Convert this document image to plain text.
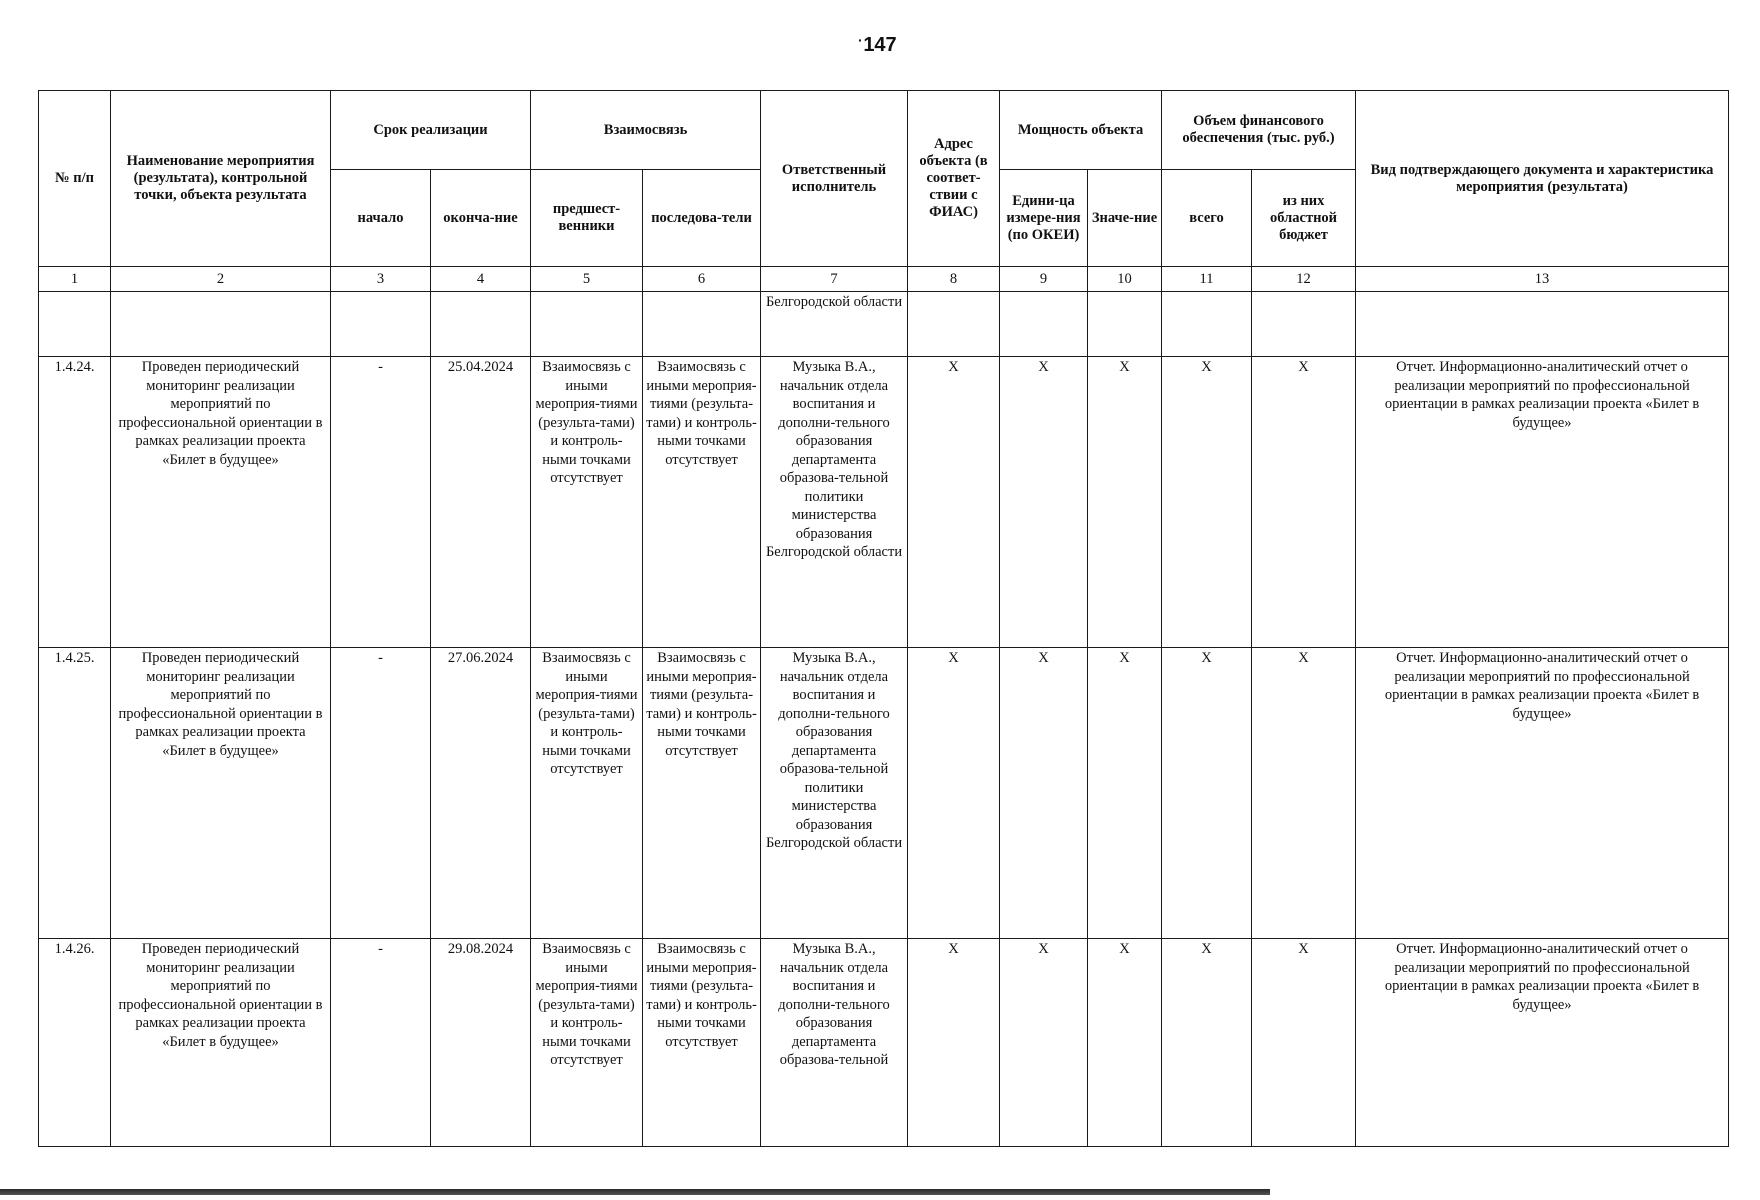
· 147
№ п/п	Наименование мероприятия (результата), контрольной точки, объекта результата	Срок реализации		Взаимосвязь		Ответственный исполнитель	Адрес объекта (в соответ-ствии с ФИАС)	Мощность объекта		Объем финансового обеспечения (тыс. руб.)		Вид подтверждающего документа и характеристика мероприятия (результата)
		начало	оконча-ние	предшест-венники	последова-тели			Едини-ца измере-ния (по ОКЕИ)	Значе-ние	всего	из них областной бюджет	
1	2	3	4	5	6	7	8	9	10	11	12	13
						Белгородской области						
1.4.24.	Проведен периодический мониторинг реализации мероприятий по профессиональной ориентации в рамках реализации проекта «Билет в будущее»	-	25.04.2024	Взаимосвязь с иными мероприя-тиями (результа-тами) и контроль-ными точками отсутствует	Взаимосвязь с иными мероприя-тиями (результа-тами) и контроль-ными точками отсутствует	Музыка В.А., начальник отдела воспитания и дополни-тельного образования департамента образова-тельной политики министерства образования Белгородской области	X	X	X	X	X	Отчет. Информационно-аналитический отчет о реализации мероприятий по профессиональной ориентации в рамках реализации проекта «Билет в будущее»
1.4.25.	Проведен периодический мониторинг реализации мероприятий по профессиональной ориентации в рамках реализации проекта «Билет в будущее»	-	27.06.2024	Взаимосвязь с иными мероприя-тиями (результа-тами) и контроль-ными точками отсутствует	Взаимосвязь с иными мероприя-тиями (результа-тами) и контроль-ными точками отсутствует	Музыка В.А., начальник отдела воспитания и дополни-тельного образования департамента образова-тельной политики министерства образования Белгородской области	X	X	X	X	X	Отчет. Информационно-аналитический отчет о реализации мероприятий по профессиональной ориентации в рамках реализации проекта «Билет в будущее»
1.4.26.	Проведен периодический мониторинг реализации мероприятий по профессиональной ориентации в рамках реализации проекта «Билет в будущее»	-	29.08.2024	Взаимосвязь с иными мероприя-тиями (результа-тами) и контроль-ными точками отсутствует	Взаимосвязь с иными мероприя-тиями (результа-тами) и контроль-ными точками отсутствует	Музыка В.А., начальник отдела воспитания и дополни-тельного образования департамента образова-тельной	X	X	X	X	X	Отчет. Информационно-аналитический отчет о реализации мероприятий по профессиональной ориентации в рамках реализации проекта «Билет в будущее»
